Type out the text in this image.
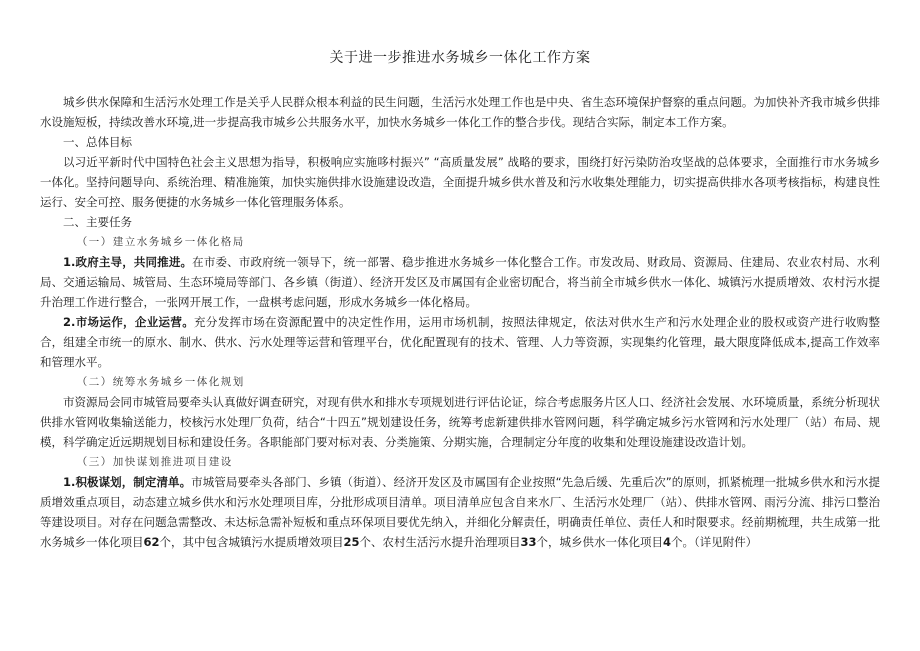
关于进一步推进水务城乡一体化工作方案

城乡供水保障和生活污水处理工作是关乎人民群众根本利益的民生问题，生活污水处理工作也是中央、省生态环境保护督察的重点问题。为加快补齐我市城乡供排水设施短板，持续改善水环境,进一步提高我市城乡公共服务水平，加快水务城乡一体化工作的整合步伐。现结合实际，制定本工作方案。

一、总体目标

以习近平新时代中国特色社会主义思想为指导，积极响应实施哆村振兴” “高质量发展” 战略的要求，围绕打好污染防治攻坚战的总体要求，全面推行市水务城乡一体化。坚持问题导向、系统治理、精准施策，加快实施供排水设施建设改造，全面提升城乡供水普及和污水收集处理能力，切实提高供排水各项考核指标，构建良性运行、安全可控、服务便捷的水务城乡一体化管理服务体系。

二、主要任务

（一）建立水务城乡一体化格局

1.政府主导，共同推进。在市委、市政府统一领导下，统一部署、稳步推进水务城乡一体化整合工作。市发改局、财政局、资源局、住建局、农业农村局、水利局、交通运输局、城管局、生态环境局等部门、各乡镇（街道）、经济开发区及市属国有企业密切配合，将当前全市城乡供水一体化、城镇污水提质增效、农村污水提升治理工作进行整合，一张网开展工作，一盘棋考虑问题，形成水务城乡一体化格局。

2.市场运作，企业运营。充分发挥市场在资源配置中的决定性作用，运用市场机制，按照法律规定，依法对供水生产和污水处理企业的股权或资产进行收购整合，组建全市统一的原水、制水、供水、污水处理等运营和管理平台，优化配置现有的技术、管理、人力等资源，实现集约化管理，最大限度降低成本,提高工作效率和管理水平。

（二）统筹水务城乡一体化规划

市资源局会同市城管局要牵头认真做好调查研究，对现有供水和排水专项规划进行评估论证，综合考虑服务片区人口、经济社会发展、水环境质量，系统分析现状供排水管网收集输送能力，校核污水处理厂负荷，结合“十四五”规划建设任务，统筹考虑新建供排水管网问题，科学确定城乡污水管网和污水处理厂（站）布局、规模，科学确定近远期规划目标和建设任务。各职能部门要对标对表、分类施策、分期实施，合理制定分年度的收集和处理设施建设改造计划。

（三）加快谋划推进项目建设

1.积极谋划，制定清单。市城管局要牵头各部门、乡镇（街道）、经济开发区及市属国有企业按照“先急后缓、先重后次”的原则，抓紧梳理一批城乡供水和污水提质增效重点项目，动态建立城乡供水和污水处理项目库，分批形成项目清单。项目清单应包含自来水厂、生活污水处理厂（站）、供排水管网、雨污分流、排污口整治等建设项目。对存在问题急需整改、未达标急需补短板和重点环保项目要优先纳入，并细化分解责任，明确责任单位、责任人和时限要求。经前期梳理，共生成第一批水务城乡一体化项目62个，其中包含城镇污水提质增效项目25个、农村生活污水提升治理项目33个，城乡供水一体化项目4个。（详见附件）
